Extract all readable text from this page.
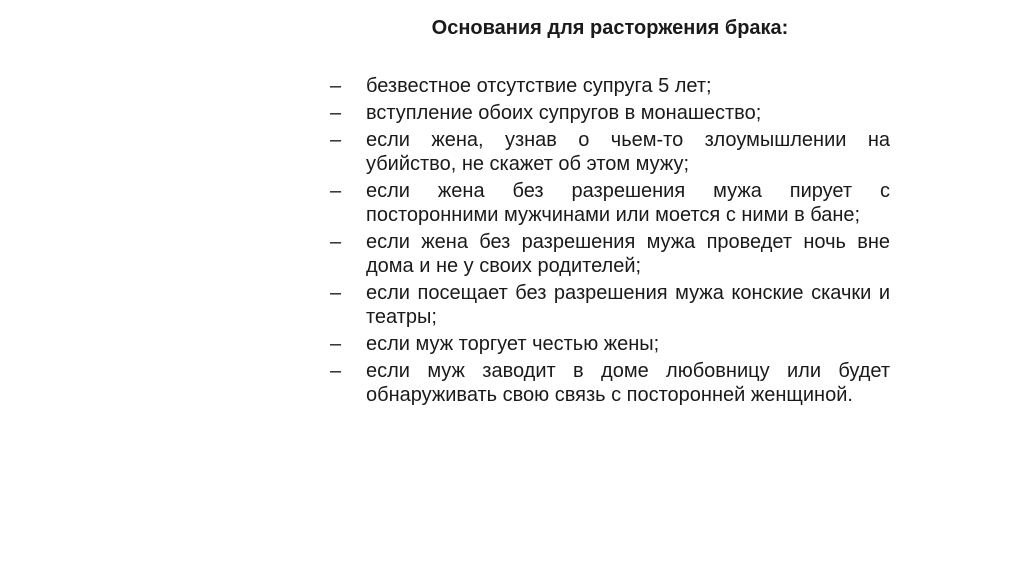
Основания для расторжения брака:
–	безвестное отсутствие супруга 5 лет;
–	вступление обоих супругов в монашество;
–	если жена, узнав о чьем-то злоумышлении на убийство, не скажет об этом мужу;
–	если жена без разрешения мужа пирует с посторонними мужчинами или моется с ними в бане;
–	если жена без разрешения мужа проведет ночь вне дома и не у своих родителей;
–	если посещает без разрешения мужа конские скачки и театры;
–	если муж торгует честью жены;
–	если муж заводит в доме любовницу или будет обнаруживать свою связь с посторонней женщиной.
